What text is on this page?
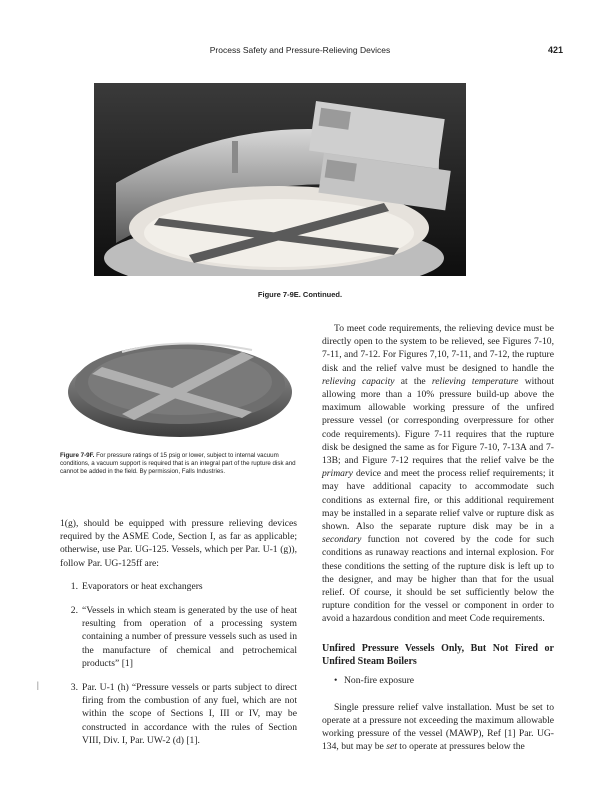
Process Safety and Pressure-Relieving Devices	421
Figure 7-9E. Continued.
Figure 7-9F. For pressure ratings of 15 psig or lower, subject to internal vacuum conditions, a vacuum support is required that is an integral part of the rupture disk and cannot be added in the field. By permission, Falls Industries.

1(g), should be equipped with pressure relieving devices required by the ASME Code, Section I, as far as applicable; otherwise, use Par. UG-125. Vessels, which per Par. U-1 (g)), follow Par. UG-125ff are:

1. Evaporators or heat exchangers
2. “Vessels in which steam is generated by the use of heat resulting from operation of a processing system containing a number of pressure vessels such as used in the manufacture of chemical and petrochemical products” [1]
3. Par. U-1 (h) “Pressure vessels or parts subject to direct firing from the combustion of any fuel, which are not within the scope of Sections I, III or IV, may be constructed in accordance with the rules of Section VIII, Div. I, Par. UW-2 (d) [1].
|

To meet code requirements, the relieving device must be directly open to the system to be relieved, see Figures 7-10, 7-11, and 7-12. For Figures 7,10, 7-11, and 7-12, the rupture disk and the relief valve must be designed to handle the relieving capacity at the relieving temperature without allowing more than a 10% pressure build-up above the maximum allowable working pressure of the unfired pressure vessel (or corresponding overpressure for other code requirements). Figure 7-11 requires that the rupture disk be designed the same as for Figure 7-10, 7-13A and 7-13B; and Figure 7-12 requires that the relief valve be the primary device and meet the process relief requirements; it may have additional capacity to accommodate such conditions as external fire, or this additional requirement may be installed in a separate relief valve or rupture disk as shown. Also the separate rupture disk may be in a secondary function not covered by the code for such conditions as runaway reactions and internal explosion. For these conditions the setting of the rupture disk is left up to the designer, and may be higher than that for the usual relief. Of course, it should be set sufficiently below the rupture condition for the vessel or component in order to avoid a hazardous condition and meet Code requirements.

Unfired Pressure Vessels Only, But Not Fired or Unfired Steam Boilers
• Non-fire exposure

Single pressure relief valve installation. Must be set to operate at a pressure not exceeding the maximum allowable working pressure of the vessel (MAWP), Ref [1] Par. UG-134, but may be set to operate at pressures below the
